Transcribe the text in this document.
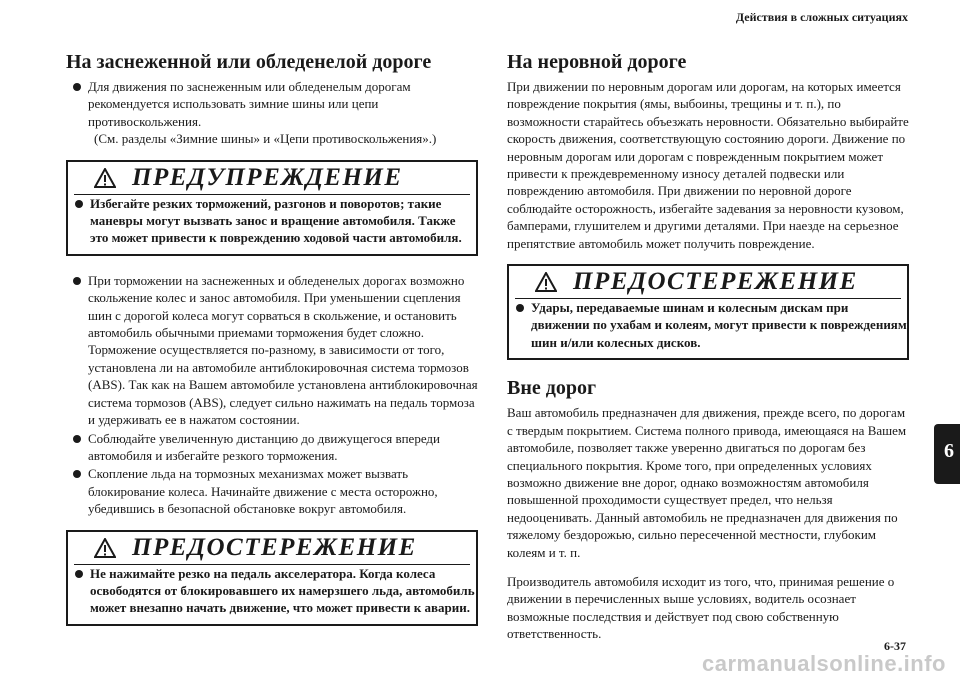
Действия в сложных ситуациях
На заснеженной или обледенелой дороге
Для движения по заснеженным или обледенелым дорогам рекомендуется использовать зимние шины или цепи противоскольжения.
(См. разделы «Зимние шины» и «Цепи противоскольжения».)
ПРЕДУПРЕЖДЕНИЕ
Избегайте резких торможений, разгонов и поворотов; такие маневры могут вызвать занос и вращение автомобиля. Также это может привести к повреждению ходовой части автомобиля.
При торможении на заснеженных и обледенелых дорогах возможно скольжение колес и занос автомобиля. При уменьшении сцепления шин с дорогой колеса могут сорваться в скольжение, и остановить автомобиль обычными приемами торможения будет сложно. Торможение осуществляется по-разному, в зависимости от того, установлена ли на автомобиле антиблокировочная система тормозов (ABS). Так как на Вашем автомобиле установлена антиблокировочная система тормозов (ABS), следует сильно нажимать на педаль тормоза и удерживать ее в нажатом состоянии.
Соблюдайте увеличенную дистанцию до движущегося впереди автомобиля и избегайте резкого торможения.
Скопление льда на тормозных механизмах может вызвать блокирование колеса. Начинайте движение с места осторожно, убедившись в безопасной обстановке вокруг автомобиля.
ПРЕДОСТЕРЕЖЕНИЕ
Не нажимайте резко на педаль акселератора. Когда колеса освободятся от блокировавшего их намерзшего льда, автомобиль может внезапно начать движение, что может привести к аварии.
На неровной дороге

При движении по неровным дорогам или дорогам, на которых имеется повреждение покрытия (ямы, выбоины, трещины и т. п.), по возможности старайтесь объезжать неровности. Обязательно выбирайте скорость движения, соответствующую состоянию дороги. Движение по неровным дорогам или дорогам с поврежденным покрытием может привести к преждевременному износу деталей подвески или повреждению автомобиля. При движении по неровной дороге соблюдайте осторожность, избегайте задевания за неровности кузовом, бамперами, глушителем и другими деталями. При наезде на серьезное препятствие автомобиль может получить повреждение.

ПРЕДОСТЕРЕЖЕНИЕ
Удары, передаваемые шинам и колесным дискам при движении по ухабам и колеям, могут привести к повреждениям шин и/или колесных дисков.
Вне дорог

Ваш автомобиль предназначен для движения, прежде всего, по дорогам с твердым покрытием. Система полного привода, имеющаяся на Вашем автомобиле, позволяет также уверенно двигаться по дорогам без специального покрытия. Кроме того, при определенных условиях возможно движение вне дорог, однако возможностям автомобиля повышенной проходимости существует предел, что нельзя недооценивать. Данный автомобиль не предназначен для движения по тяжелому бездорожью, сильно пересеченной местности, глубоким колеям и т. п.

Производитель автомобиля исходит из того, что, принимая решение о движении в перечисленных выше условиях, водитель осознает возможные последствия и действует под свою собственную ответственность.

6
6-37
carmanualsonline.info
